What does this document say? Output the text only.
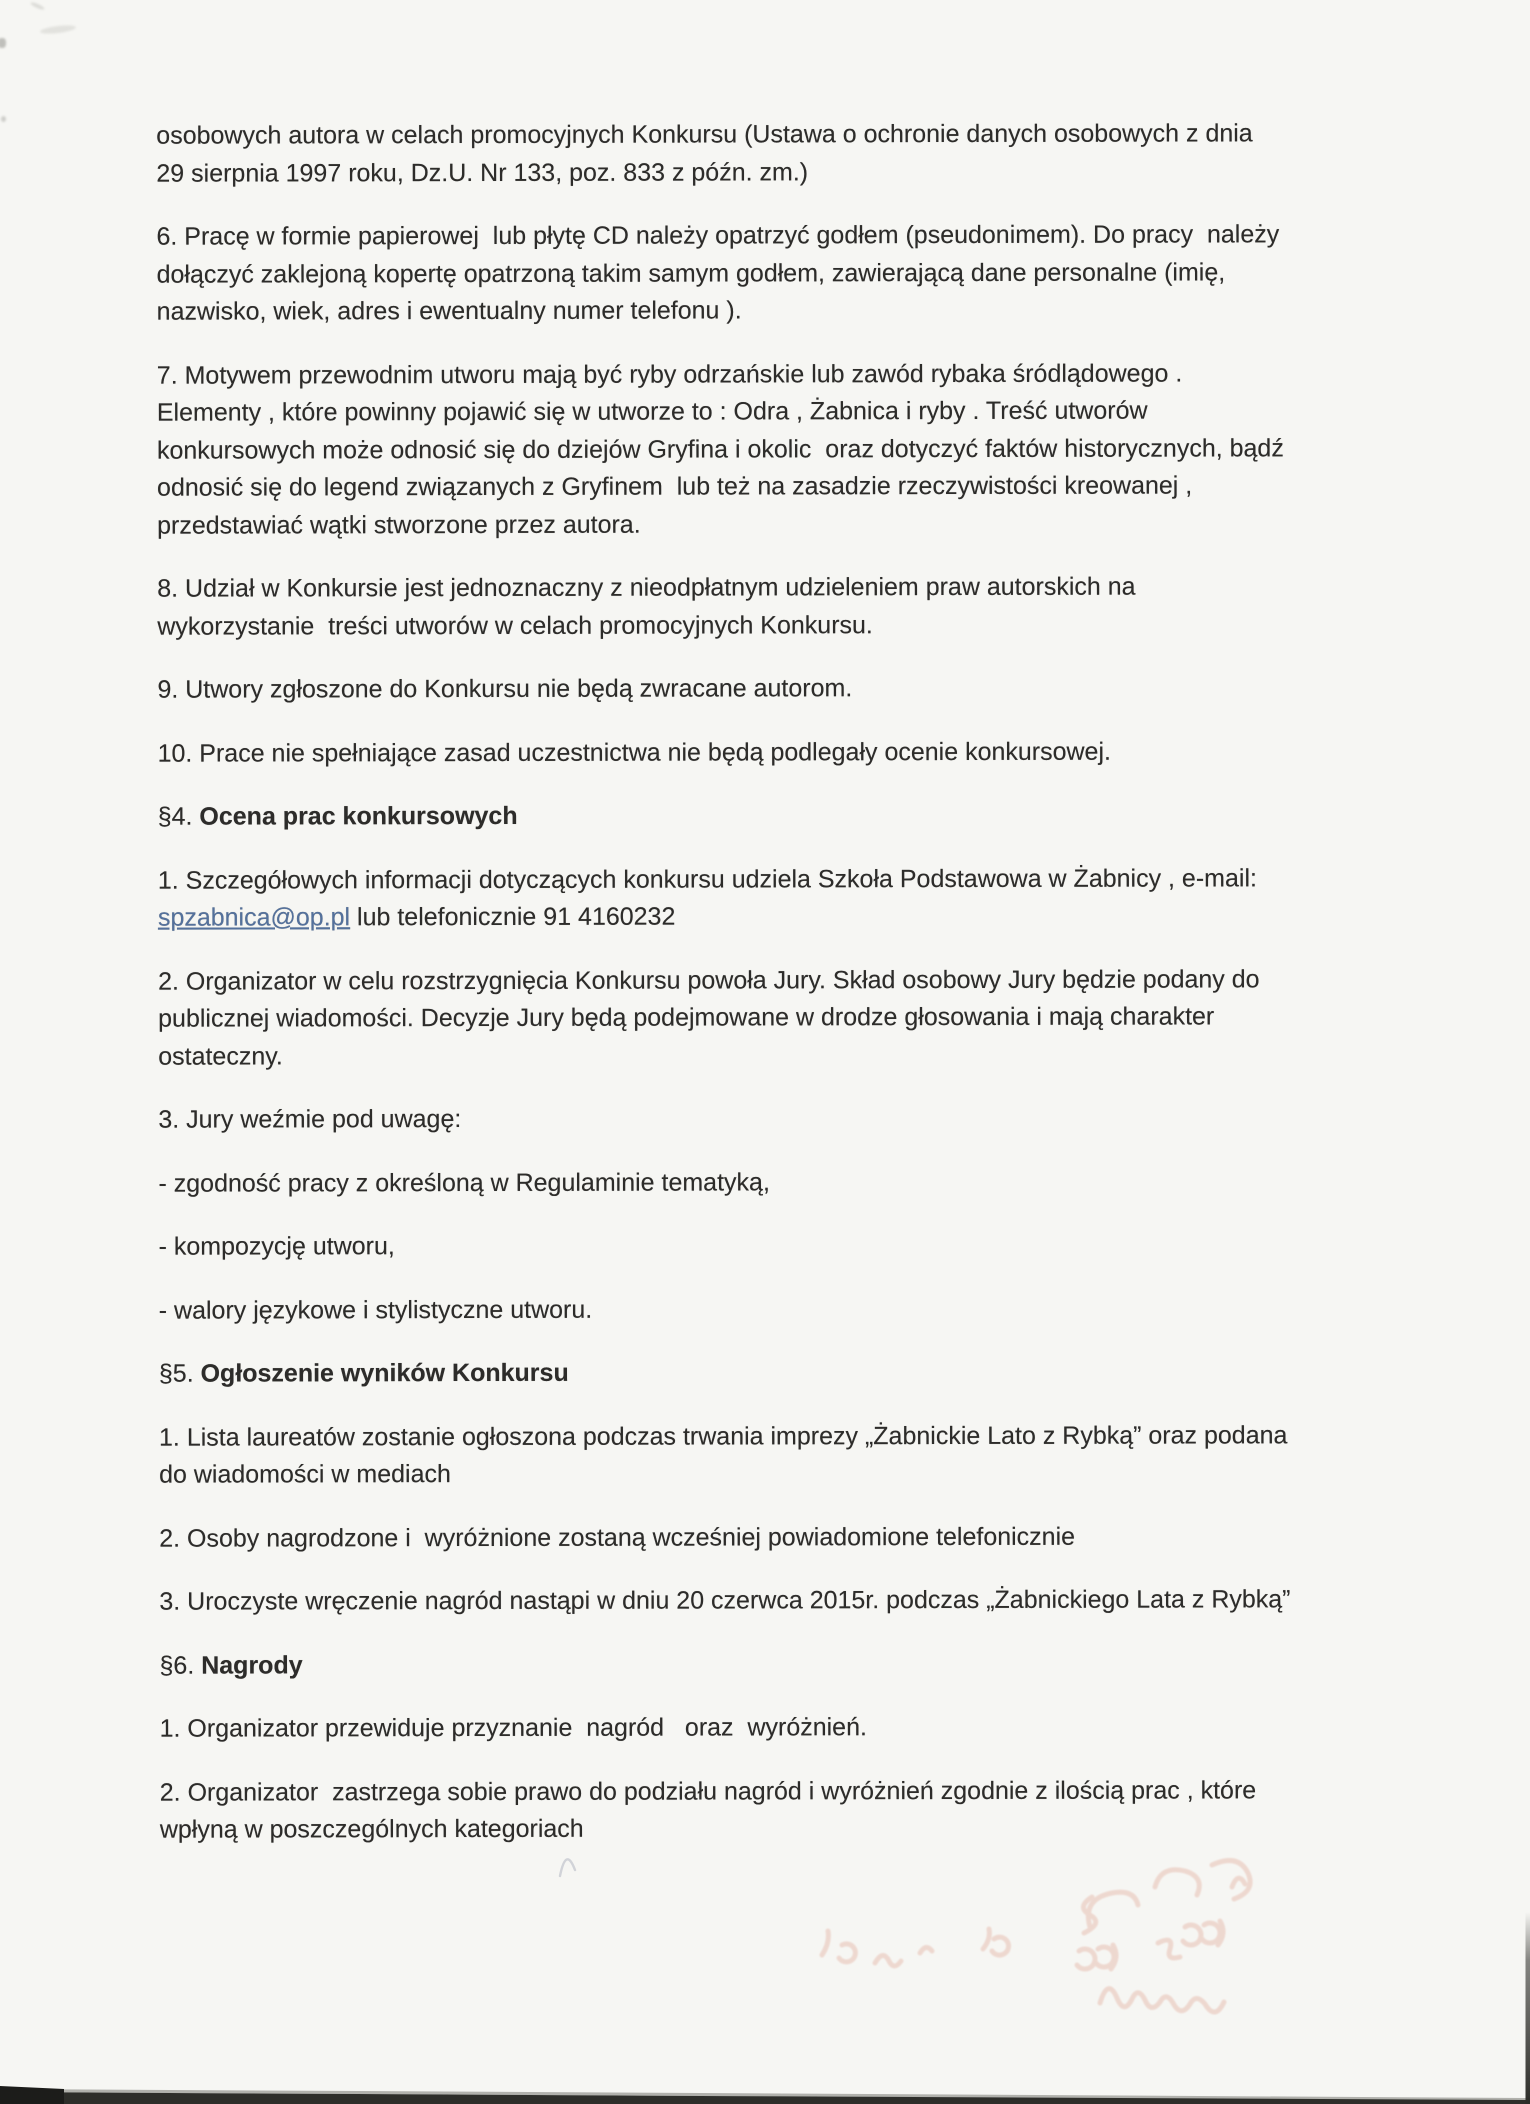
osobowych autora w celach promocyjnych Konkursu (Ustawa o ochronie danych osobowych z dnia
29 sierpnia 1997 roku, Dz.U. Nr 133, poz. 833 z późn. zm.)

6. Pracę w formie papierowej  lub płytę CD należy opatrzyć godłem (pseudonimem). Do pracy  należy
dołączyć zaklejoną kopertę opatrzoną takim samym godłem, zawierającą dane personalne (imię,
nazwisko, wiek, adres i ewentualny numer telefonu ).

7. Motywem przewodnim utworu mają być ryby odrzańskie lub zawód rybaka śródlądowego .
Elementy , które powinny pojawić się w utworze to : Odra , Żabnica i ryby . Treść utworów
konkursowych może odnosić się do dziejów Gryfina i okolic  oraz dotyczyć faktów historycznych, bądź
odnosić się do legend związanych z Gryfinem  lub też na zasadzie rzeczywistości kreowanej ,
przedstawiać wątki stworzone przez autora.

8. Udział w Konkursie jest jednoznaczny z nieodpłatnym udzieleniem praw autorskich na
wykorzystanie  treści utworów w celach promocyjnych Konkursu.

9. Utwory zgłoszone do Konkursu nie będą zwracane autorom.

10. Prace nie spełniające zasad uczestnictwa nie będą podlegały ocenie konkursowej.

§4. Ocena prac konkursowych

1. Szczegółowych informacji dotyczących konkursu udziela Szkoła Podstawowa w Żabnicy , e-mail:
spzabnica@op.pl lub telefonicznie 91 4160232

2. Organizator w celu rozstrzygnięcia Konkursu powoła Jury. Skład osobowy Jury będzie podany do
publicznej wiadomości. Decyzje Jury będą podejmowane w drodze głosowania i mają charakter
ostateczny.

3. Jury weźmie pod uwagę:

- zgodność pracy z określoną w Regulaminie tematyką,

- kompozycję utworu,

- walory językowe i stylistyczne utworu.

§5. Ogłoszenie wyników Konkursu

1. Lista laureatów zostanie ogłoszona podczas trwania imprezy „Żabnickie Lato z Rybką” oraz podana
do wiadomości w mediach

2. Osoby nagrodzone i  wyróżnione zostaną wcześniej powiadomione telefonicznie

3. Uroczyste wręczenie nagród nastąpi w dniu 20 czerwca 2015r. podczas „Żabnickiego Lata z Rybką”

§6. Nagrody

1. Organizator przewiduje przyznanie  nagród   oraz  wyróżnień.

2. Organizator  zastrzega sobie prawo do podziału nagród i wyróżnień zgodnie z ilością prac , które
wpłyną w poszczególnych kategoriach
